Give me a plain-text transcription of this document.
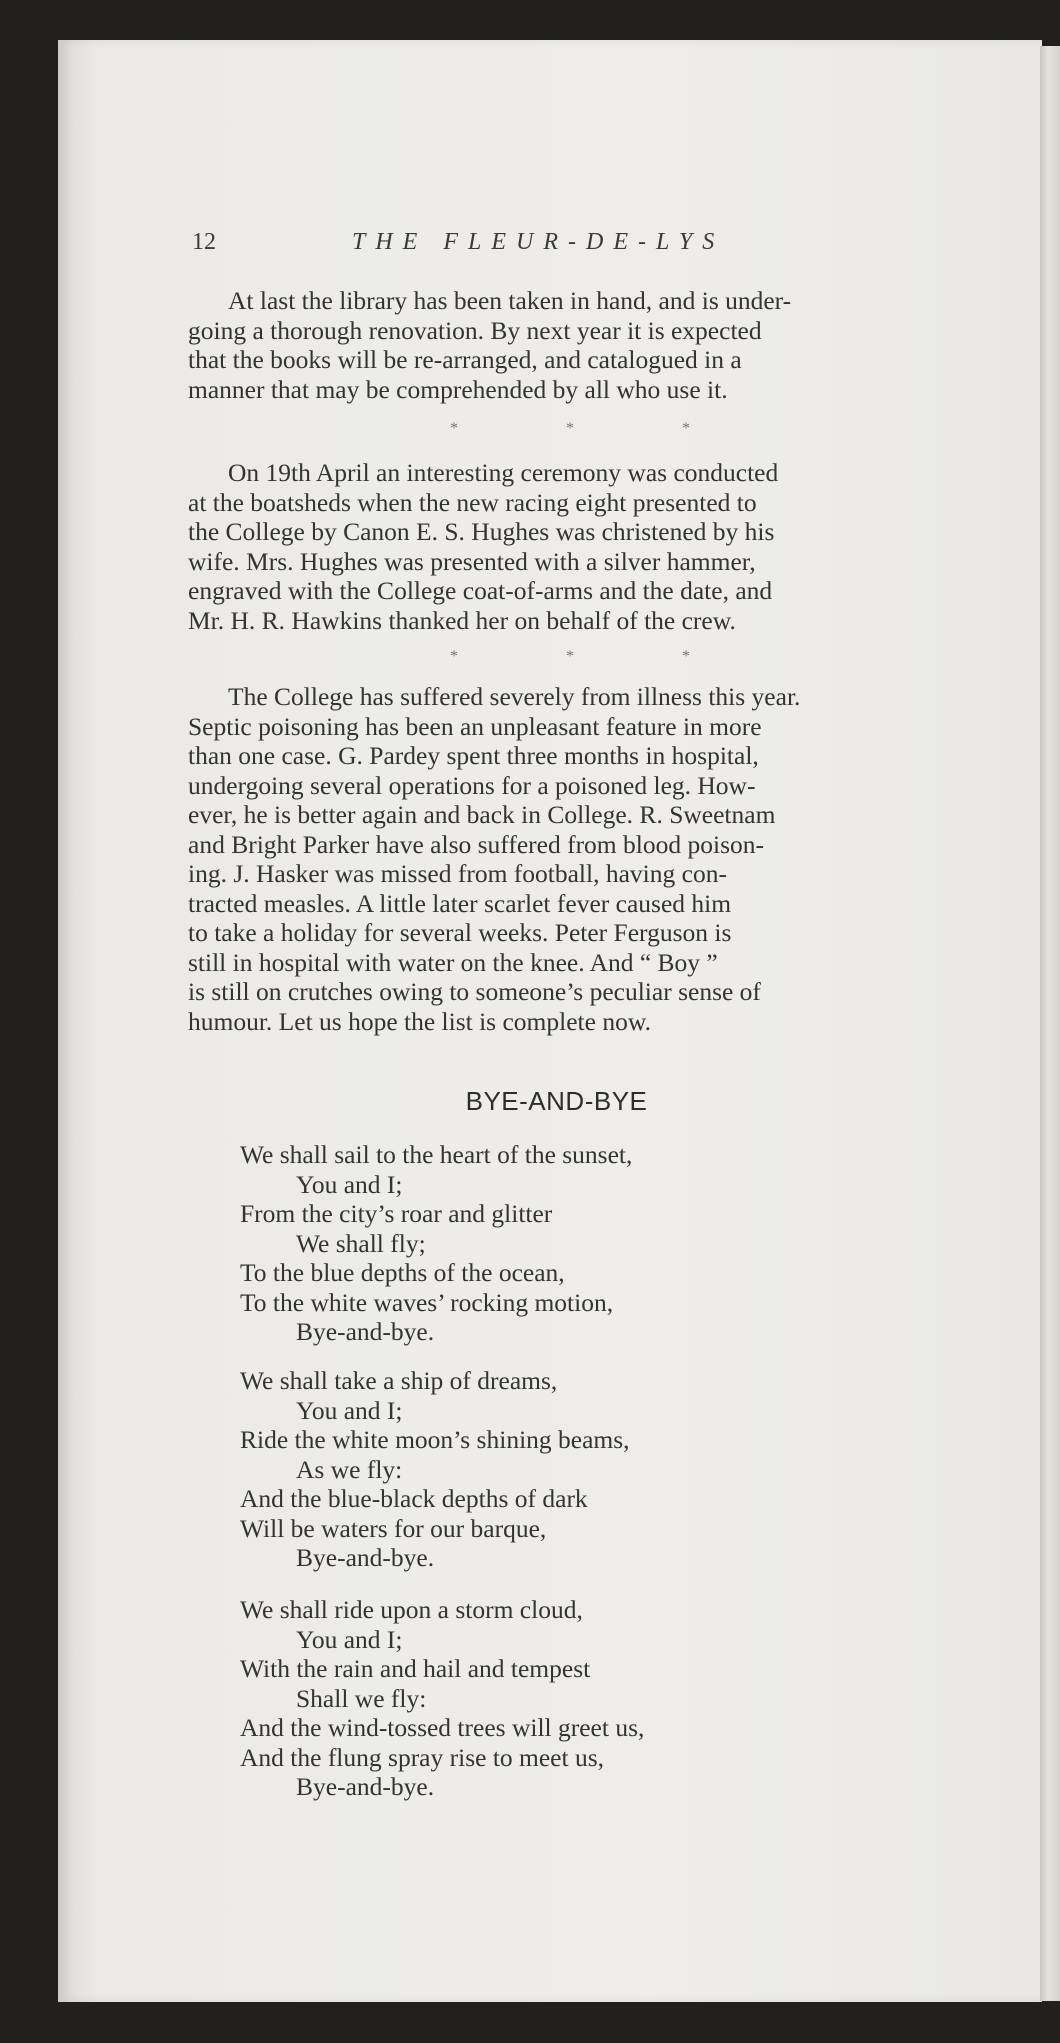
12	THE FLEUR-DE-LYS

At last the library has been taken in hand, and is under-
going a thorough renovation. By next year it is expected
that the books will be re-arranged, and catalogued in a
manner that may be comprehended by all who use it.

*	*	*

On 19th April an interesting ceremony was conducted
at the boatsheds when the new racing eight presented to
the College by Canon E. S. Hughes was christened by his
wife. Mrs. Hughes was presented with a silver hammer,
engraved with the College coat-of-arms and the date, and
Mr. H. R. Hawkins thanked her on behalf of the crew.

*	*	*

The College has suffered severely from illness this year.
Septic poisoning has been an unpleasant feature in more
than one case. G. Pardey spent three months in hospital,
undergoing several operations for a poisoned leg. How-
ever, he is better again and back in College. R. Sweetnam
and Bright Parker have also suffered from blood poison-
ing. J. Hasker was missed from football, having con-
tracted measles. A little later scarlet fever caused him
to take a holiday for several weeks. Peter Ferguson is
still in hospital with water on the knee. And “ Boy ”
is still on crutches owing to someone’s peculiar sense of
humour. Let us hope the list is complete now.

BYE-AND-BYE
We shall sail to the heart of the sunset,
You and I;
From the city’s roar and glitter
We shall fly;
To the blue depths of the ocean,
To the white waves’ rocking motion,
Bye-and-bye.
We shall take a ship of dreams,
You and I;
Ride the white moon’s shining beams,
As we fly:
And the blue-black depths of dark
Will be waters for our barque,
Bye-and-bye.
We shall ride upon a storm cloud,
You and I;
With the rain and hail and tempest
Shall we fly:
And the wind-tossed trees will greet us,
And the flung spray rise to meet us,
Bye-and-bye.
